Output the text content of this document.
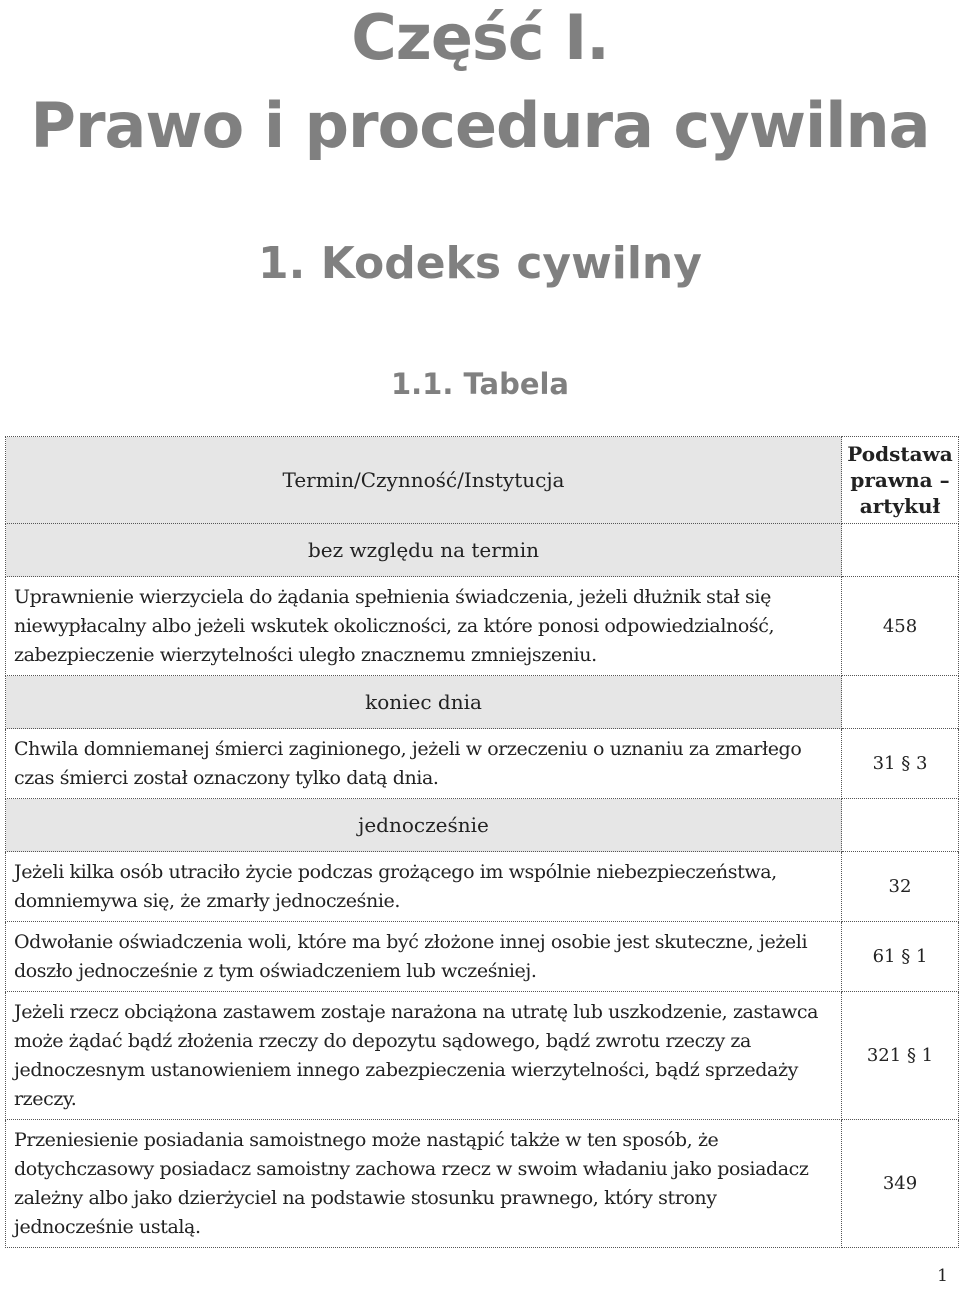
Część I.
Prawo i procedura cywilna
1. Kodeks cywilny
1.1. Tabela
Termin/Czynność/Instytucja	Podstawa prawna – artykuł
bez względu na termin	
Uprawnienie wierzyciela do żądania spełnienia świadczenia, jeżeli dłużnik stał się niewypłacalny albo jeżeli wskutek okoliczności, za które ponosi odpowiedzialność, zabezpieczenie wierzytelności uległo znacznemu zmniejszeniu.	458
koniec dnia	
Chwila domniemanej śmierci zaginionego, jeżeli w orzeczeniu o uznaniu za zmarłego czas śmierci został oznaczony tylko datą dnia.	31 § 3
jednocześnie	
Jeżeli kilka osób utraciło życie podczas grożącego im wspólnie niebezpieczeństwa, domniemywa się, że zmarły jednocześnie.	32
Odwołanie oświadczenia woli, które ma być złożone innej osobie jest skuteczne, jeżeli doszło jednocześnie z tym oświadczeniem lub wcześniej.	61 § 1
Jeżeli rzecz obciążona zastawem zostaje narażona na utratę lub uszkodzenie, zastawca może żądać bądź złożenia rzeczy do depozytu sądowego, bądź zwrotu rzeczy za jednoczesnym ustanowieniem innego zabezpieczenia wierzytelności, bądź sprzedaży rzeczy.	321 § 1
Przeniesienie posiadania samoistnego może nastąpić także w ten sposób, że dotychczasowy posiadacz samoistny zachowa rzecz w swoim władaniu jako posiadacz zależny albo jako dzierżyciel na podstawie stosunku prawnego, który strony jednocześnie ustalą.	349
1
